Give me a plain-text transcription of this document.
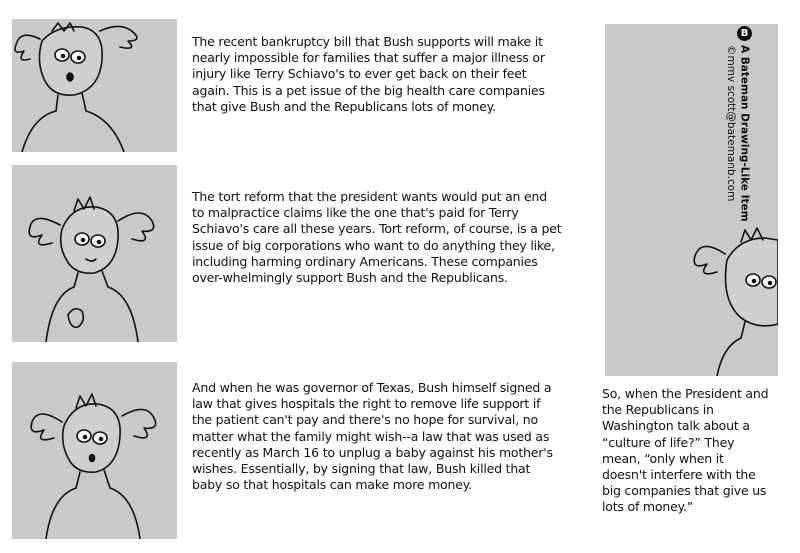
The recent bankruptcy bill that Bush supports will make it nearly impossible for families that suffer a major illness or injury like Terry Schiavo's to ever get back on their feet again. This is a pet issue of the big health care companies that give Bush and the Republicans lots of money.
The tort reform that the president wants would put an end to malpractice claims like the one that's paid for Terry Schiavo's care all these years. Tort reform, of course, is a pet issue of big corporations who want to do anything they like, including harming ordinary Americans. These companies over-whelmingly support Bush and the Republicans.
And when he was governor of Texas, Bush himself signed a law that gives hospitals the right to remove life support if the patient can't pay and there's no hope for survival, no matter what the family might wish--a law that was used as recently as March 16 to unplug a baby against his mother's wishes. Essentially, by signing that law, Bush killed that baby so that hospitals can make more money.
BA Bateman Drawing-Like Item
©mmv scott@batemanb.com
So, when the President and the Republicans in Washington talk about a “culture of life?” They mean, “only when it doesn't interfere with the big companies that give us lots of money.”
